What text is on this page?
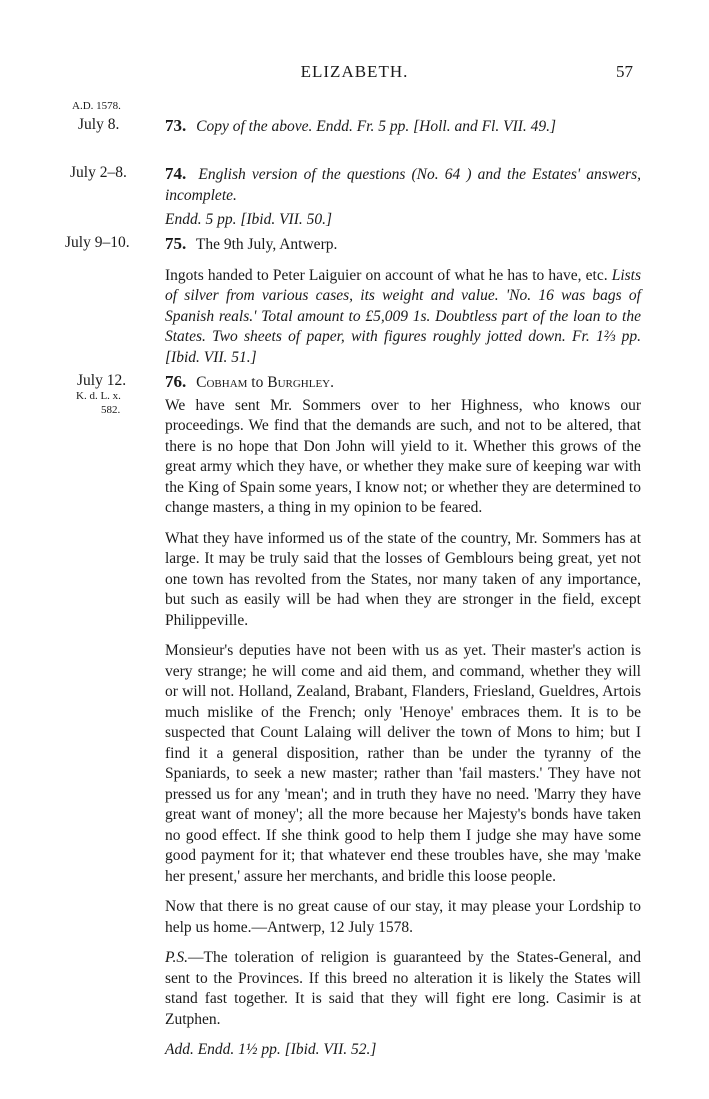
ELIZABETH.	57
A.D. 1578.
July 8.	73. Copy of the above. Endd. Fr. 5 pp. [Holl. and Fl. VII. 49.]

July 2–8. 74. English version of the questions (No. 64 ) and the Estates' answers, incomplete.

Endd. 5 pp. [Ibid. VII. 50.]

July 9–10. 75. The 9th July, Antwerp.

Ingots handed to Peter Laiguier on account of what he has to have, etc. Lists of silver from various cases, its weight and value. 'No. 16 was bags of Spanish reals.' Total amount to £5,009 1s. Doubtless part of the loan to the States. Two sheets of paper, with figures roughly jotted down. Fr. 1⅔ pp. [Ibid. VII. 51.]

July 12.
K. d. L. x.
582.

76. Cobham to Burghley.

We have sent Mr. Sommers over to her Highness, who knows our proceedings. We find that the demands are such, and not to be altered, that there is no hope that Don John will yield to it. Whether this grows of the great army which they have, or whether they make sure of keeping war with the King of Spain some years, I know not; or whether they are determined to change masters, a thing in my opinion to be feared.

What they have informed us of the state of the country, Mr. Sommers has at large. It may be truly said that the losses of Gemblours being great, yet not one town has revolted from the States, nor many taken of any importance, but such as easily will be had when they are stronger in the field, except Philippeville.

Monsieur's deputies have not been with us as yet. Their master's action is very strange; he will come and aid them, and command, whether they will or will not. Holland, Zealand, Brabant, Flanders, Friesland, Gueldres, Artois much mislike of the French; only 'Henoye' embraces them. It is to be suspected that Count Lalaing will deliver the town of Mons to him; but I find it a general disposition, rather than be under the tyranny of the Spaniards, to seek a new master; rather than 'fail masters.' They have not pressed us for any 'mean'; and in truth they have no need. 'Marry they have great want of money'; all the more because her Majesty's bonds have taken no good effect. If she think good to help them I judge she may have some good payment for it; that whatever end these troubles have, she may 'make her present,' assure her merchants, and bridle this loose people.

Now that there is no great cause of our stay, it may please your Lordship to help us home.—Antwerp, 12 July 1578.

P.S.—The toleration of religion is guaranteed by the States-General, and sent to the Provinces. If this breed no alteration it is likely the States will stand fast together. It is said that they will fight ere long. Casimir is at Zutphen.

Add. Endd. 1½ pp. [Ibid. VII. 52.]
